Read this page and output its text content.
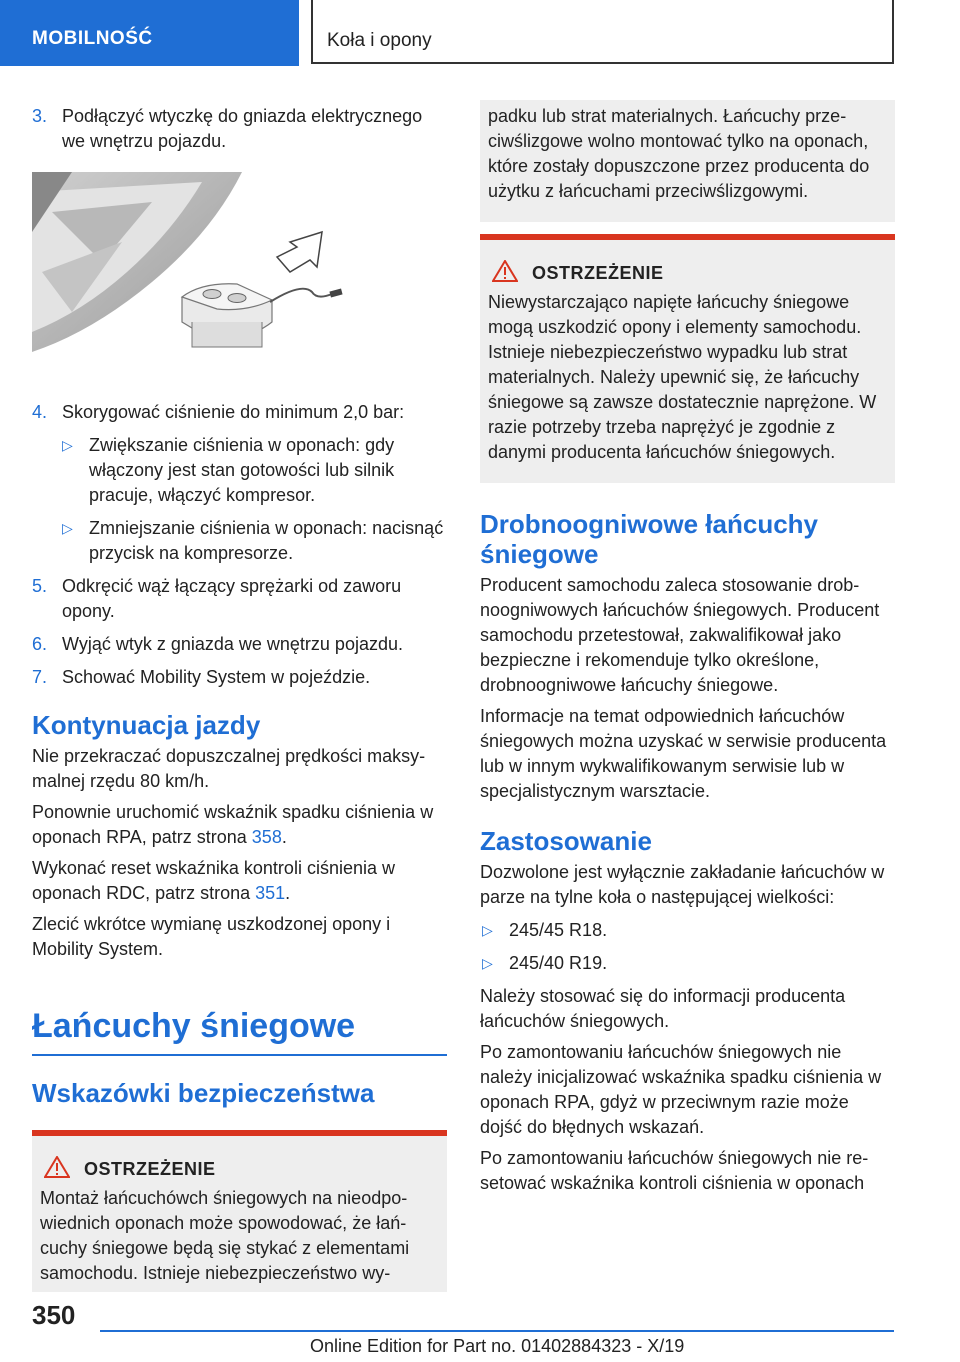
MOBILNOŚĆ	Koła i opony
3. Podłączyć wtyczkę do gniazda elektrycznego we wnętrzu pojazdu.
4. Skorygować ciśnienie do minimum 2,0 bar:
▷ Zwiększanie ciśnienia w oponach: gdy włączony jest stan gotowości lub silnik pracuje, włączyć kompresor.
▷ Zmniejszanie ciśnienia w oponach: nacisnąć przycisk na kompresorze.
5. Odkręcić wąż łączący sprężarki od zaworu opony.
6. Wyjąć wtyk z gniazda we wnętrzu pojazdu.
7. Schować Mobility System w pojeździe.
Kontynuacja jazdy

Nie przekraczać dopuszczalnej prędkości maksymalnej rzędu 80 km/h.

Ponownie uruchomić wskaźnik spadku ciśnienia w oponach RPA, patrz strona 358.

Wykonać reset wskaźnika kontroli ciśnienia w oponach RDC, patrz strona 351.

Zlecić wkrótce wymianę uszkodzonej opony i Mobility System.

Łańcuchy śniegowe
Wskazówki bezpieczeństwa
OSTRZEŻENIE

Montaż łańcuchówch śniegowych na nieodpowiednich oponach może spowodować, że łańcuchy śniegowe będą się stykać z elementami samochodu. Istnieje niebezpieczeństwo wy-

padku lub strat materialnych. Łańcuchy przeciwślizgowe wolno montować tylko na oponach, które zostały dopuszczone przez producenta do użytku z łańcuchami przeciwślizgowymi.

OSTRZEŻENIE

Niewystarczająco napięte łańcuchy śniegowe mogą uszkodzić opony i elementy samochodu. Istnieje niebezpieczeństwo wypadku lub strat materialnych. Należy upewnić się, że łańcuchy śniegowe są zawsze dostatecznie naprężone. W razie potrzeby trzeba naprężyć je zgodnie z danymi producenta łańcuchów śniegowych.

Drobnoogniwowe łańcuchy śniegowe

Producent samochodu zaleca stosowanie drobnoogniwowych łańcuchów śniegowych. Producent samochodu przetestował, zakwalifikował jako bezpieczne i rekomenduje tylko określone, drobnoogniwowe łańcuchy śniegowe.

Informacje na temat odpowiednich łańcuchów śniegowych można uzyskać w serwisie producenta lub w innym wykwalifikowanym serwisie lub w specjalistycznym warsztacie.

Zastosowanie

Dozwolone jest wyłącznie zakładanie łańcuchów w parze na tylne koła o następującej wielkości:

▷ 245/45 R18.
▷ 245/40 R19.

Należy stosować się do informacji producenta łańcuchów śniegowych.

Po zamontowaniu łańcuchów śniegowych nie należy inicjalizować wskaźnika spadku ciśnienia w oponach RPA, gdyż w przeciwnym razie może dojść do błędnych wskazań.

Po zamontowaniu łańcuchów śniegowych nie resetować wskaźnika kontroli ciśnienia w oponach

350
Online Edition for Part no. 01402884323 - X/19
